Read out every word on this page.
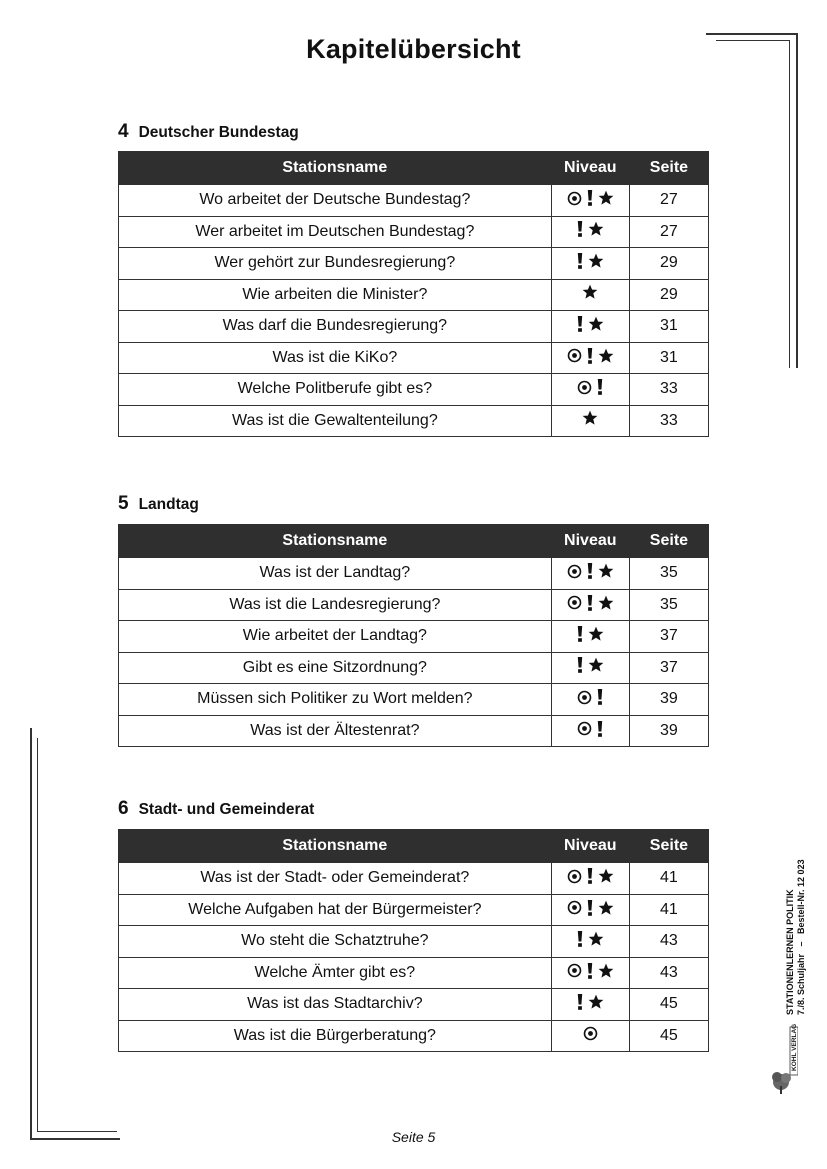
Kapitelübersicht
4 Deutscher Bundestag
Stationsname	Niveau	Seite
Wo arbeitet der Deutsche Bundestag?		27
Wer arbeitet im Deutschen Bundestag?		27
Wer gehört zur Bundesregierung?		29
Wie arbeiten die Minister?		29
Was darf die Bundesregierung?		31
Was ist die KiKo?		31
Welche Politberufe gibt es?		33
Was ist die Gewaltenteilung?		33
5 Landtag
Stationsname	Niveau	Seite
Was ist der Landtag?		35
Was ist die Landesregierung?		35
Wie arbeitet der Landtag?		37
Gibt es eine Sitzordnung?		37
Müssen sich Politiker zu Wort melden?		39
Was ist der Ältestenrat?		39
6 Stadt- und Gemeinderat
Stationsname	Niveau	Seite
Was ist der Stadt- oder Gemeinderat?		41
Welche Aufgaben hat der Bürgermeister?		41
Wo steht die Schatztruhe?		43
Welche Ämter gibt es?		43
Was ist das Stadtarchiv?		45
Was ist die Bürgerberatung?		45
STATIONENLERNEN POLITIK 7./8. Schuljahr   –   Bestell-Nr. 12 023
KOHL VERLAG
Seite 5
